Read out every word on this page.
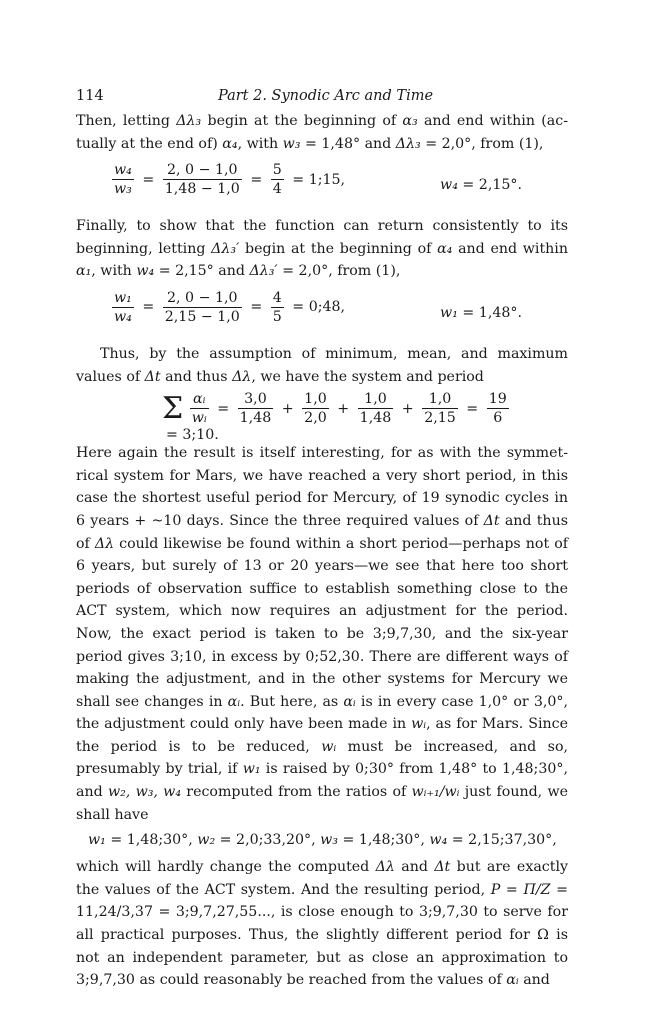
114	Part 2. Synodic Arc and Time

Then, letting Δλ₃ begin at the beginning of α₃ and end within (ac-tually at the end of) α₄, with w₃ = 1,48° and Δλ₃ = 2,0°, from (1),

$\frac{\text{w₄}}{\text{w₃}} = \frac{2, 0 - 1,0}{1,48 - 1,0} = \frac{5}{4}$ = 1;15,	w₄ = 2,15°.

Finally, to show that the function can return consistently to its beginning, letting Δλ₃′ begin at the beginning of α₄ and end within α₁, with w₄ = 2,15° and Δλ₃′ = 2,0°, from (1),

$\frac{\text{w₁}}{\text{w₄}} = \frac{2, 0 - 1,0}{2,15 - 1,0} = \frac{4}{5}$ = 0;48,	w₁ = 1,48°.

Thus, by the assumption of minimum, mean, and maximum values of Δt and thus Δλ, we have the system and period

Σ $\frac{\text{αᵢ}}{\text{wᵢ}} = \frac{3,0}{1,48} + \frac{1,0}{2,0} + \frac{1,0}{1,48} + \frac{1,0}{2,15} = \frac{19}{6}$
= 3;10.

Here again the result is itself interesting, for as with the symmet-rical system for Mars, we have reached a very short period, in this case the shortest useful period for Mercury, of 19 synodic cycles in 6 years + ~10 days. Since the three required values of Δt and thus of Δλ could likewise be found within a short period—perhaps not of 6 years, but surely of 13 or 20 years—we see that here too short periods of observation suffice to establish something close to the ACT system, which now requires an adjustment for the period. Now, the exact period is taken to be 3;9,7,30, and the six-year period gives 3;10, in excess by 0;52,30. There are different ways of making the adjustment, and in the other systems for Mercury we shall see changes in αᵢ. But here, as αᵢ is in every case 1,0° or 3,0°, the adjustment could only have been made in wᵢ, as for Mars. Since the period is to be reduced, wᵢ must be increased, and so, presumably by trial, if w₁ is raised by 0;30° from 1,48° to 1,48;30°, and w₂, w₃, w₄ recomputed from the ratios of wᵢ₊₁/wᵢ just found, we shall have

w₁ = 1,48;30°, w₂ = 2,0;33,20°, w₃ = 1,48;30°, w₄ = 2,15;37,30°,

which will hardly change the computed Δλ and Δt but are exactly the values of the ACT system. And the resulting period, P = Π/Z = 11,24/3,37 = 3;9,7,27,55..., is close enough to 3;9,7,30 to serve for all practical purposes. Thus, the slightly different period for Ω is not an independent parameter, but as close an approximation to 3;9,7,30 as could reasonably be reached from the values of αᵢ and
